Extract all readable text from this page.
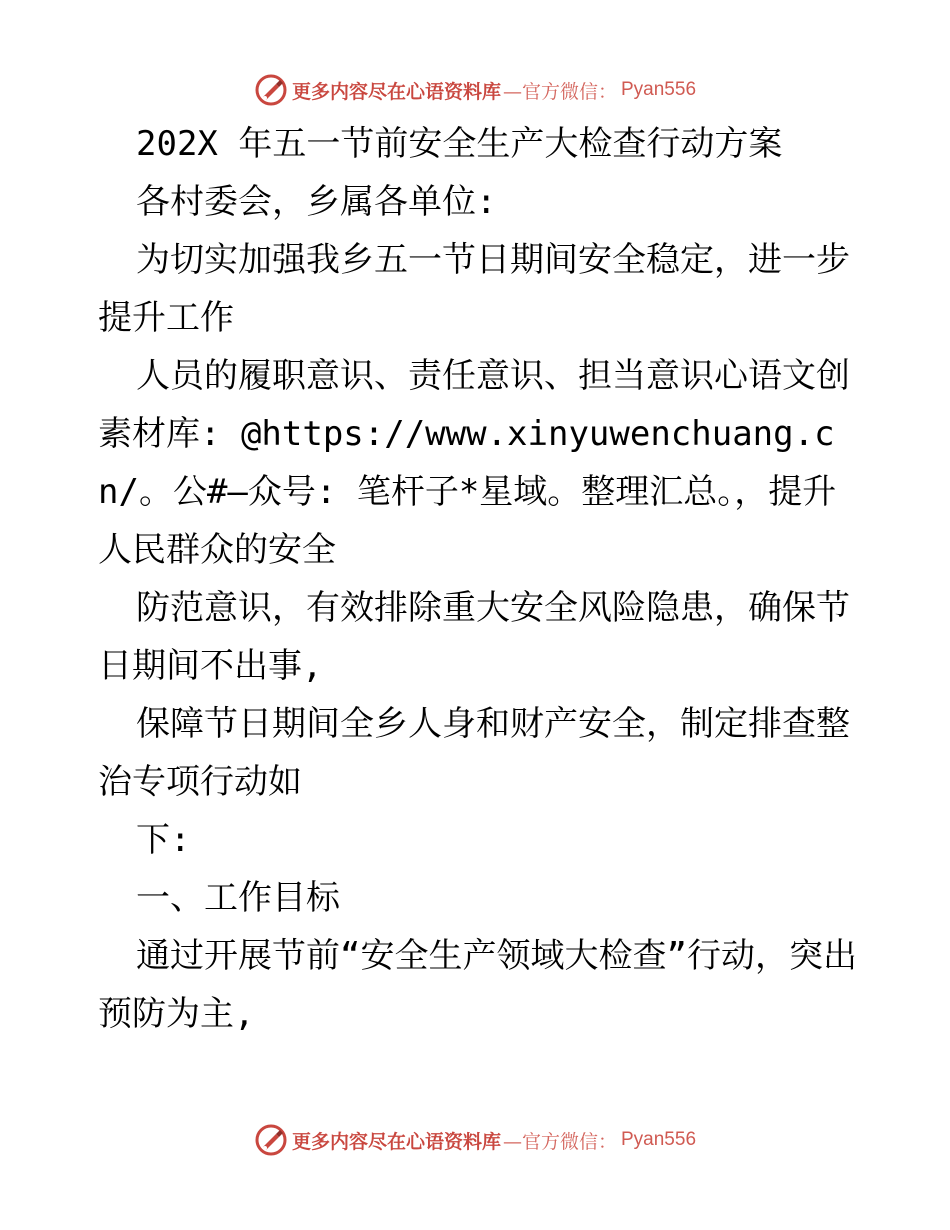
更多内容尽在心语资料库 —官方微信： Pyan556

202X 年五一节前安全生产大检查行动方案

各村委会，乡属各单位:

为切实加强我乡五一节日期间安全稳定，进一步提升工作

人员的履职意识、责任意识、担当意识心语文创素材库: @https://www.xinyuwenchuang.cn/。公#—众号: 笔杆子*星域。整理汇总。，提升人民群众的安全

防范意识，有效排除重大安全风险隐患，确保节日期间不出事,

保障节日期间全乡人身和财产安全，制定排查整治专项行动如

下:

一、工作目标

通过开展节前“安全生产领域大检查”行动，突出预防为主,

更多内容尽在心语资料库 —官方微信： Pyan556
